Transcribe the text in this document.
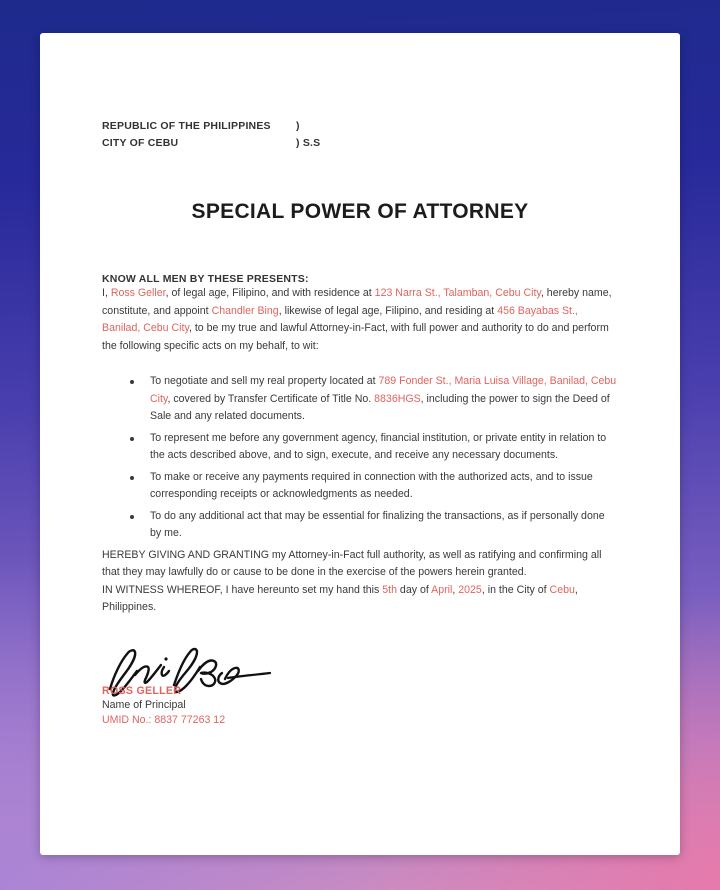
REPUBLIC OF THE PHILIPPINES	)
CITY OF CEBU	) S.S
SPECIAL POWER OF ATTORNEY
KNOW ALL MEN BY THESE PRESENTS:

I, Ross Geller, of legal age, Filipino, and with residence at 123 Narra St., Talamban, Cebu City, hereby name, constitute, and appoint Chandler Bing, likewise of legal age, Filipino, and residing at 456 Bayabas St., Banilad, Cebu City, to be my true and lawful Attorney-in-Fact, with full power and authority to do and perform the following specific acts on my behalf, to wit:

To negotiate and sell my real property located at 789 Fonder St., Maria Luisa Village, Banilad, Cebu City, covered by Transfer Certificate of Title No. 8836HGS, including the power to sign the Deed of Sale and any related documents.
To represent me before any government agency, financial institution, or private entity in relation to the acts described above, and to sign, execute, and receive any necessary documents.
To make or receive any payments required in connection with the authorized acts, and to issue corresponding receipts or acknowledgments as needed.
To do any additional act that may be essential for finalizing the transactions, as if personally done by me.

HEREBY GIVING AND GRANTING my Attorney-in-Fact full authority, as well as ratifying and confirming all that they may lawfully do or cause to be done in the exercise of the powers herein granted.

IN WITNESS WHEREOF, I have hereunto set my hand this 5th day of April, 2025, in the City of Cebu, Philippines.

ROSS GELLER
Name of Principal
UMID No.: 8837 77263 12
